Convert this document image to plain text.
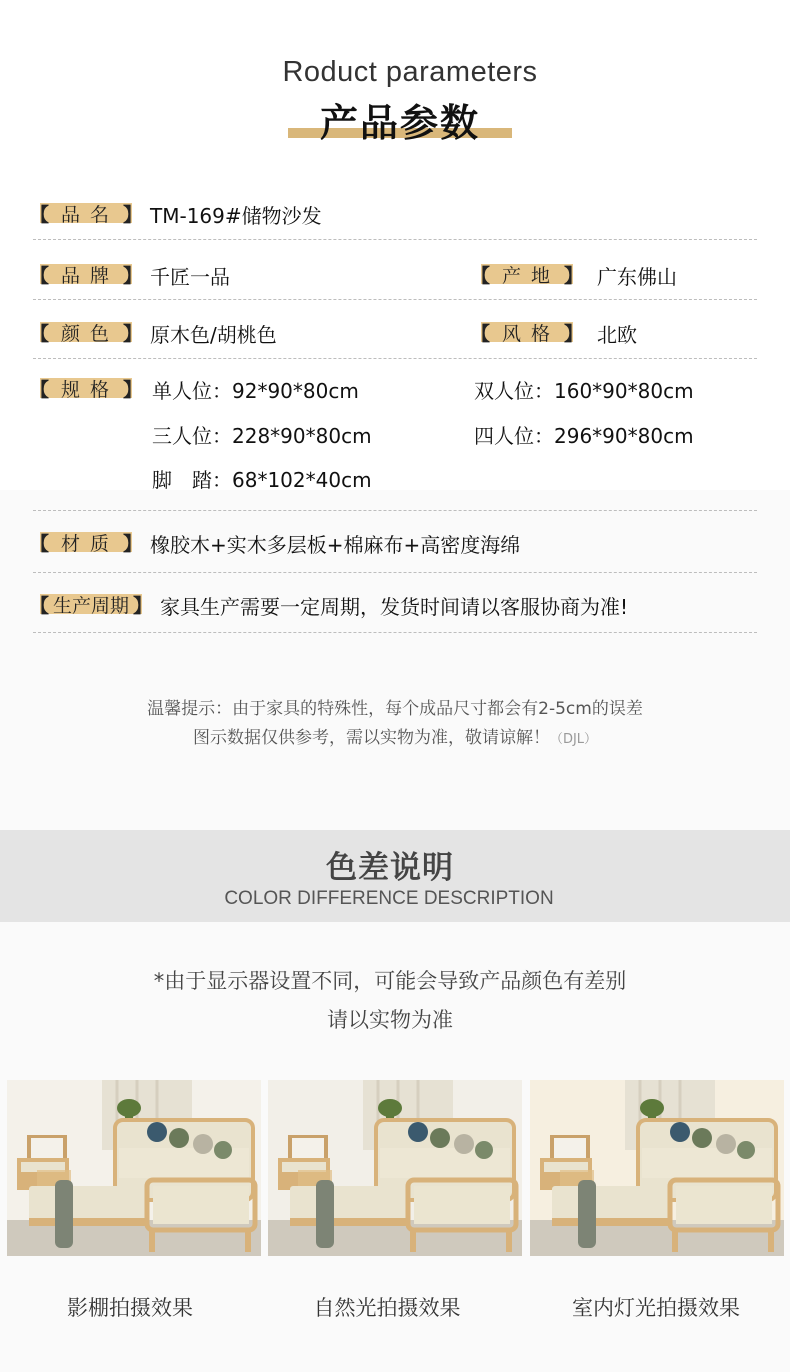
Roduct parameters
产品参数
【 品 名 】 TM-169#储物沙发
【 品 牌 】 千匠一品	【 产 地 】 广东佛山
【 颜 色 】 原木色/胡桃色	【 风 格 】 北欧
【 规 格 】 单人位：92*90*80cm	双人位：160*90*80cm
三人位：228*90*80cm	四人位：296*90*80cm
脚　踏：68*102*40cm
【 材 质 】 橡胶木+实木多层板+棉麻布+高密度海绵
【 生产周期 】 家具生产需要一定周期，发货时间请以客服协商为准!
温馨提示：由于家具的特殊性，每个成品尺寸都会有2-5cm的误差
图示数据仅供参考，需以实物为准，敬请谅解！（DJL）
色差说明
COLOR DIFFERENCE DESCRIPTION
*由于显示器设置不同，可能会导致产品颜色有差别
请以实物为准
影棚拍摄效果	自然光拍摄效果	室内灯光拍摄效果
